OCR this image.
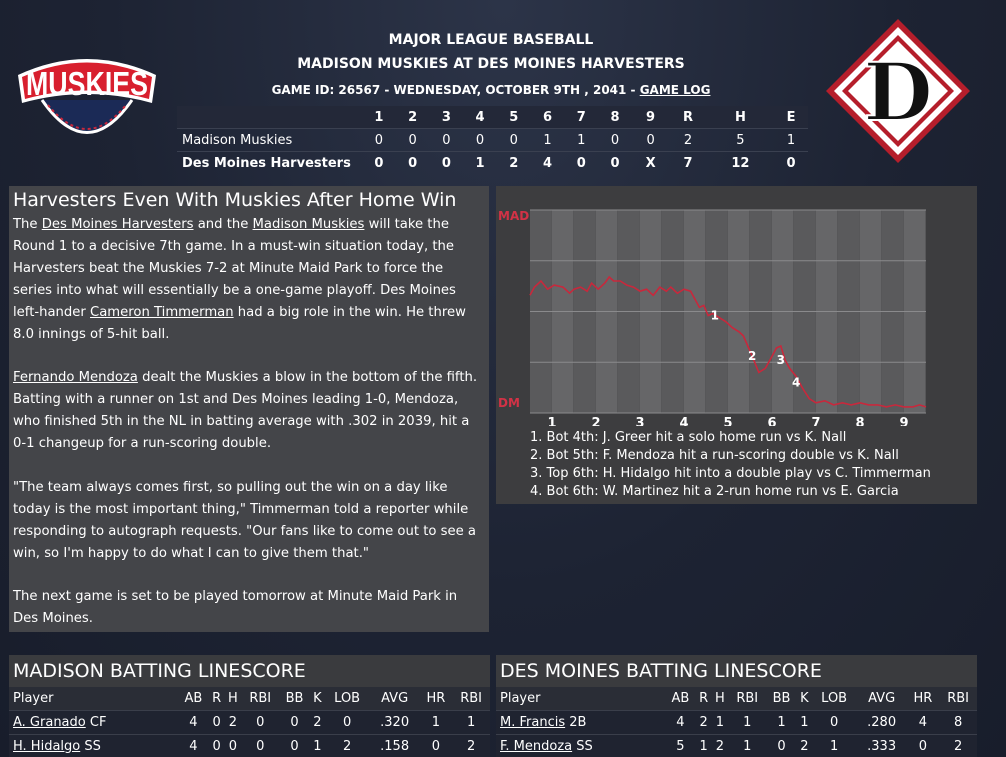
MAJOR LEAGUE BASEBALL
MADISON MUSKIES AT DES MOINES HARVESTERS
GAME ID: 26567 - WEDNESDAY, OCTOBER 9TH , 2041 - GAME LOG
MUSKIES	D
	1	2	3	4	5	6	7	8	9	R	H	E
Madison Muskies	0	0	0	0	0	1	1	0	0	2	5	1
Des Moines Harvesters	0	0	0	1	2	4	0	0	X	7	12	0
Harvesters Even With Muskies After Home Win

The Des Moines Harvesters and the Madison Muskies will take the Round 1 to a decisive 7th game. In a must-win situation today, the Harvesters beat the Muskies 7-2 at Minute Maid Park to force the series into what will essentially be a one-game playoff. Des Moines left-hander Cameron Timmerman had a big role in the win. He threw 8.0 innings of 5-hit ball.

Fernando Mendoza dealt the Muskies a blow in the bottom of the fifth. Batting with a runner on 1st and Des Moines leading 1-0, Mendoza, who finished 5th in the NL in batting average with .302 in 2039, hit a 0-1 changeup for a run-scoring double.

"The team always comes first, so pulling out the win on a day like today is the most important thing," Timmerman told a reporter while responding to autograph requests. "Our fans like to come out to see a win, so I'm happy to do what I can to give them that."

The next game is set to be played tomorrow at Minute Maid Park in Des Moines.

MAD
DM
1	2	3	4	5	6	7	8	9
1
2 3
4
1. Bot 4th: J. Greer hit a solo home run vs K. Nall
2. Bot 5th: F. Mendoza hit a run-scoring double vs K. Nall
3. Top 6th: H. Hidalgo hit into a double play vs C. Timmerman
4. Bot 6th: W. Martinez hit a 2-run home run vs E. Garcia
MADISON BATTING LINESCORE
Player	AB	R	H	RBI	BB	K	LOB	AVG	HR	RBI
A. Granado CF	4	0	2	0	0	2	0	.320	1	1
H. Hidalgo SS	4	0	0	0	0	1	2	.158	0	2
DES MOINES BATTING LINESCORE
Player	AB	R	H	RBI	BB	K	LOB	AVG	HR	RBI
M. Francis 2B	4	2	1	1	1	1	0	.280	4	8
F. Mendoza SS	5	1	2	1	0	2	1	.333	0	2
